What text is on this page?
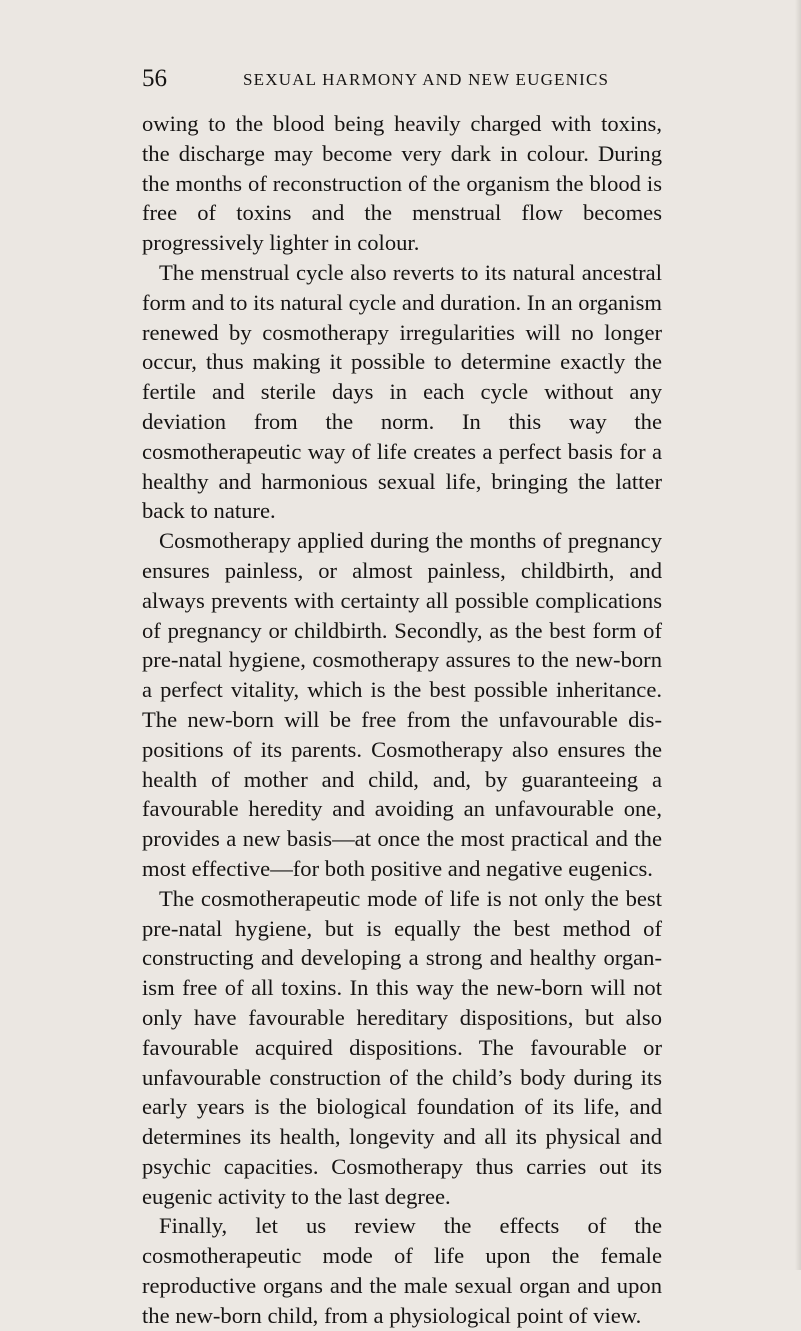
56	SEXUAL HARMONY AND NEW EUGENICS

owing to the blood being heavily charged with toxins, the discharge may become very dark in colour. During the months of reconstruction of the organism the blood is free of toxins and the menstrual flow becomes progressively lighter in colour.

The menstrual cycle also reverts to its natural ancestral form and to its natural cycle and duration. In an organism renewed by cosmotherapy irregularities will no longer occur, thus making it possible to determine exactly the fertile and sterile days in each cycle without any deviation from the norm. In this way the cosmotherapeutic way of life creates a perfect basis for a healthy and harmonious sexual life, bringing the latter back to nature.

Cosmotherapy applied during the months of pregnancy ensures painless, or almost painless, childbirth, and always prevents with certainty all possible complications of pregnancy or childbirth. Secondly, as the best form of pre-natal hygiene, cosmotherapy assures to the new-born a perfect vitality, which is the best possible inheritance. The new-born will be free from the unfavourable dis-positions of its parents. Cosmotherapy also ensures the health of mother and child, and, by guaranteeing a favourable heredity and avoiding an unfavourable one, provides a new basis—at once the most practical and the most effective—for both positive and negative eugenics.

The cosmotherapeutic mode of life is not only the best pre-natal hygiene, but is equally the best method of constructing and developing a strong and healthy organ-ism free of all toxins. In this way the new-born will not only have favourable hereditary dispositions, but also favourable acquired dispositions. The favourable or unfavourable construction of the child’s body during its early years is the biological foundation of its life, and determines its health, longevity and all its physical and psychic capacities. Cosmotherapy thus carries out its eugenic activity to the last degree.

Finally, let us review the effects of the cosmotherapeutic mode of life upon the female reproductive organs and the male sexual organ and upon the new-born child, from a physiological point of view.
